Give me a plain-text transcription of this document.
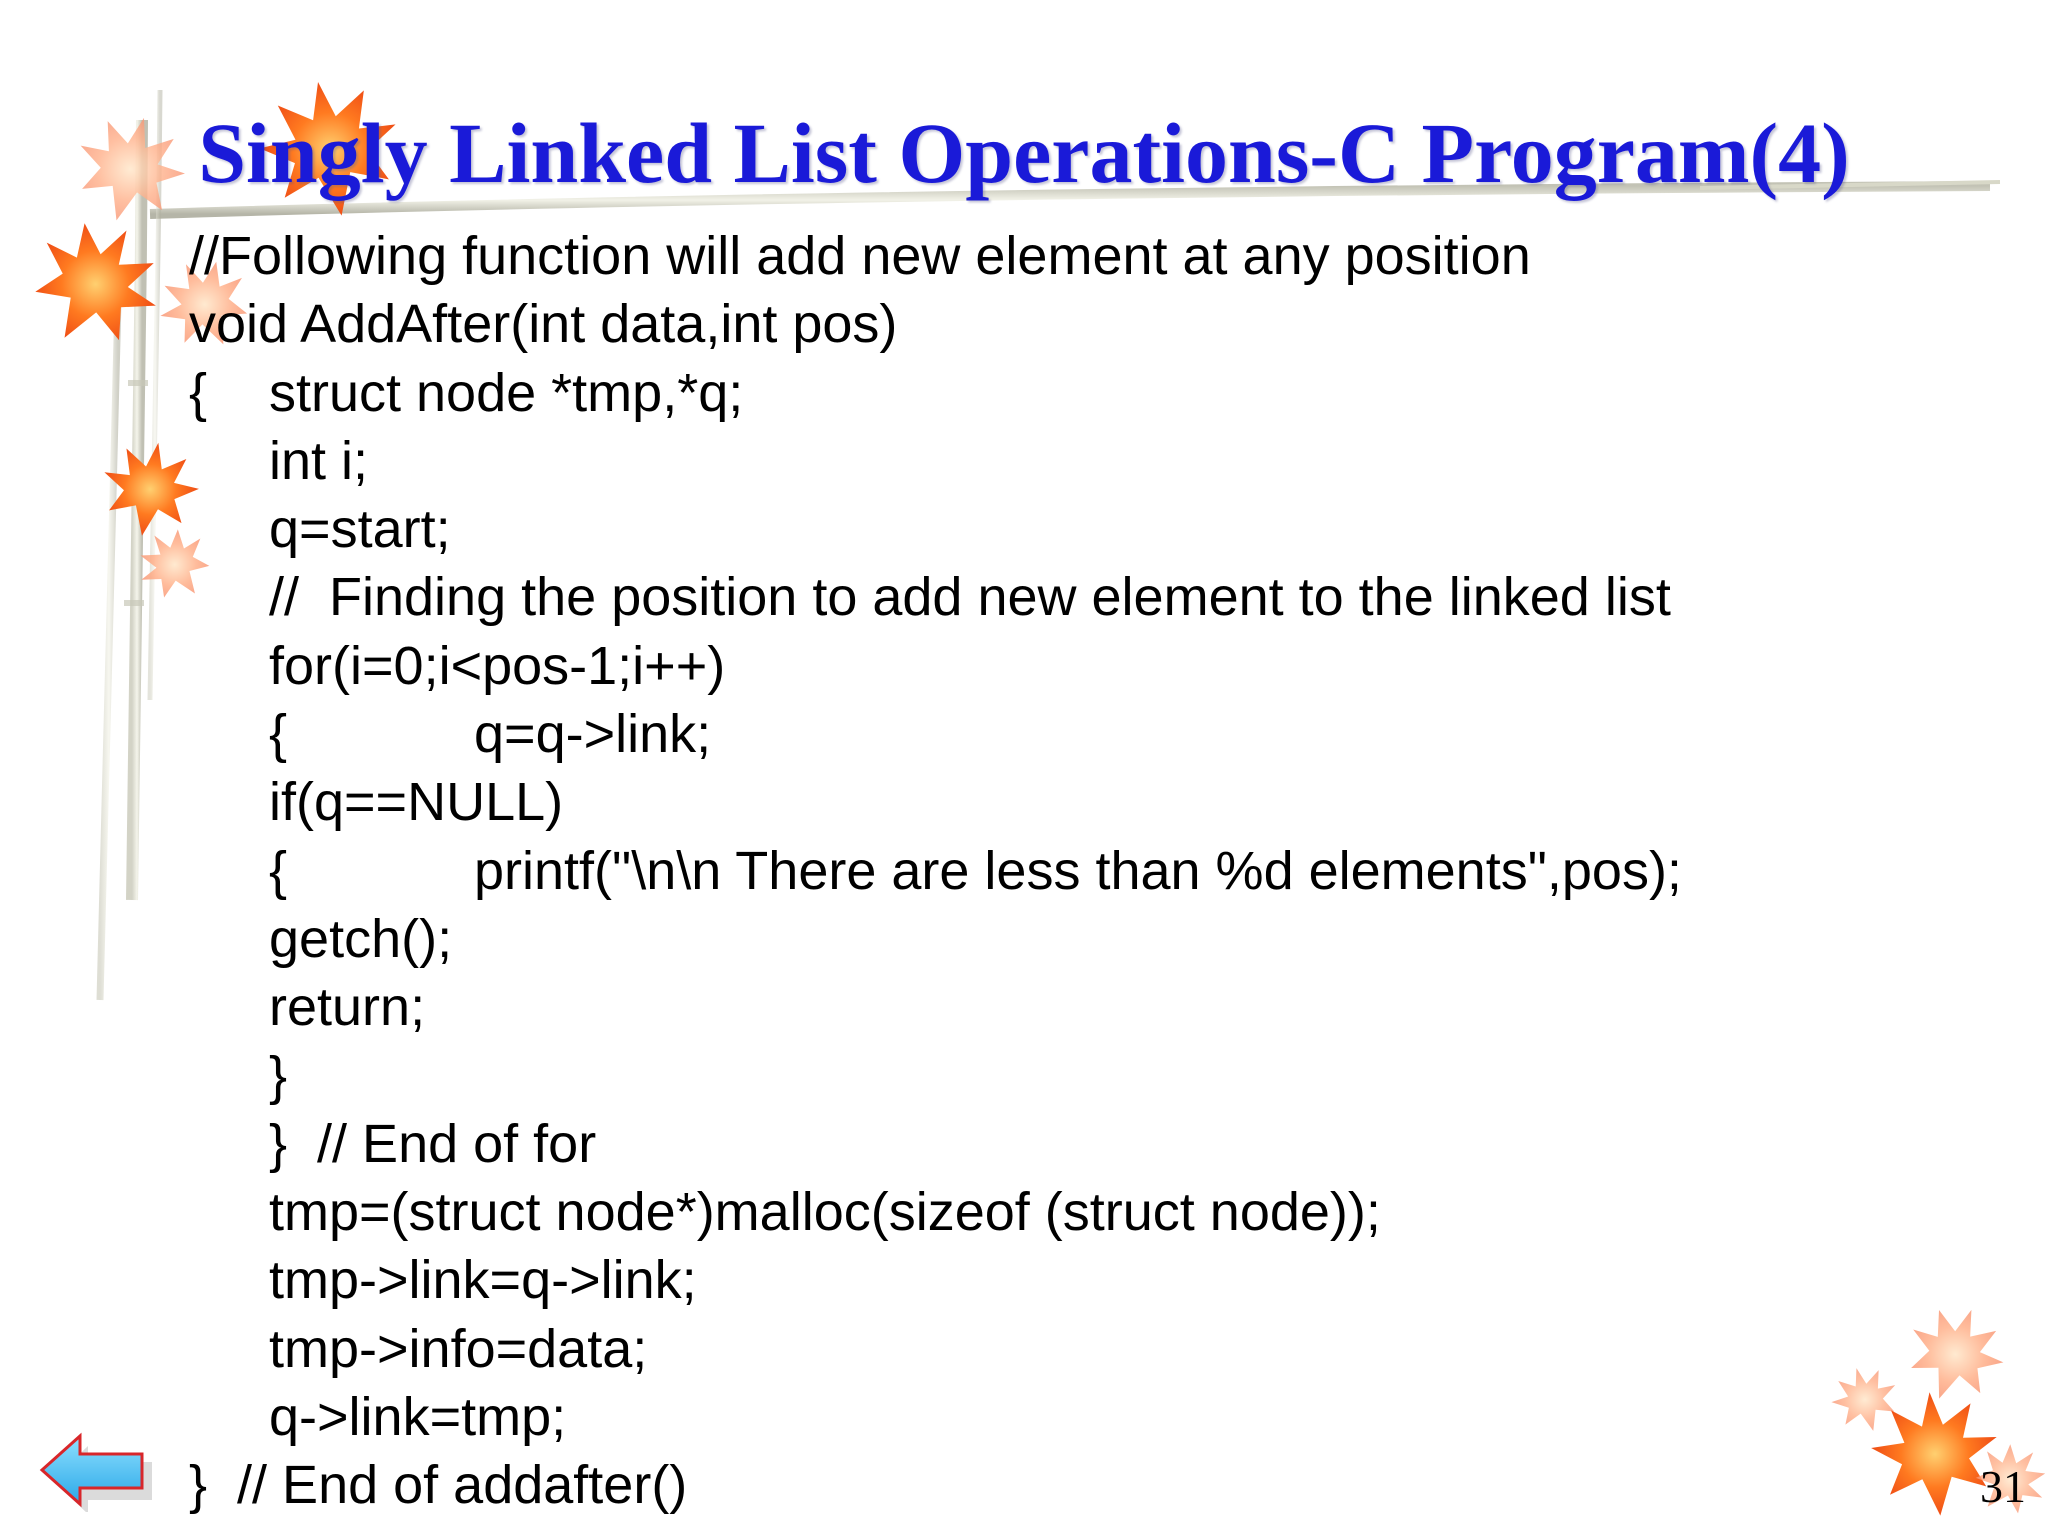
Singly Linked List Operations-C Program(4)

//Following function will add new element at any position

void AddAfter(int data,int pos)

{

struct node *tmp,*q;

int i;

q=start;

//  Finding the position to add new element to the linked list

for(i=0;i<pos-1;i++)

{

	q=q->link;

if(q==NULL)

{

	printf("\n\n There are less than %d elements",pos);

getch();

return;

}

}  // End of for

tmp=(struct node*)malloc(sizeof (struct node));

tmp->link=q->link;

tmp->info=data;

q->link=tmp;

}  // End of addafter()

	31
